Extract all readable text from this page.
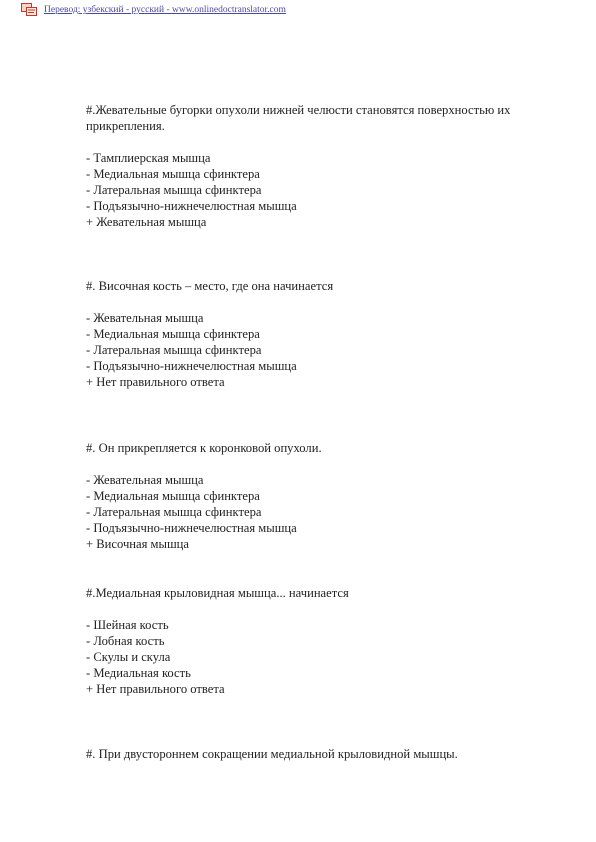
Перевод: узбекский - русский - www.onlinedoctranslator.com

#.Жевательные бугорки опухоли нижней челюсти становятся поверхностью их прикрепления.

- Тамплиерская мышца
- Медиальная мышца сфинктера
- Латеральная мышца сфинктера
- Подъязычно-нижнечелюстная мышца
+ Жевательная мышца

#. Височная кость – место, где она начинается

- Жевательная мышца
- Медиальная мышца сфинктера
- Латеральная мышца сфинктера
- Подъязычно-нижнечелюстная мышца
+ Нет правильного ответа

#. Он прикрепляется к коронковой опухоли.

- Жевательная мышца
- Медиальная мышца сфинктера
- Латеральная мышца сфинктера
- Подъязычно-нижнечелюстная мышца
+ Височная мышца

#.Медиальная крыловидная мышца... начинается

- Шейная кость
- Лобная кость
- Скулы и скула
- Медиальная кость
+ Нет правильного ответа

#. При двустороннем сокращении медиальной крыловидной мышцы.
